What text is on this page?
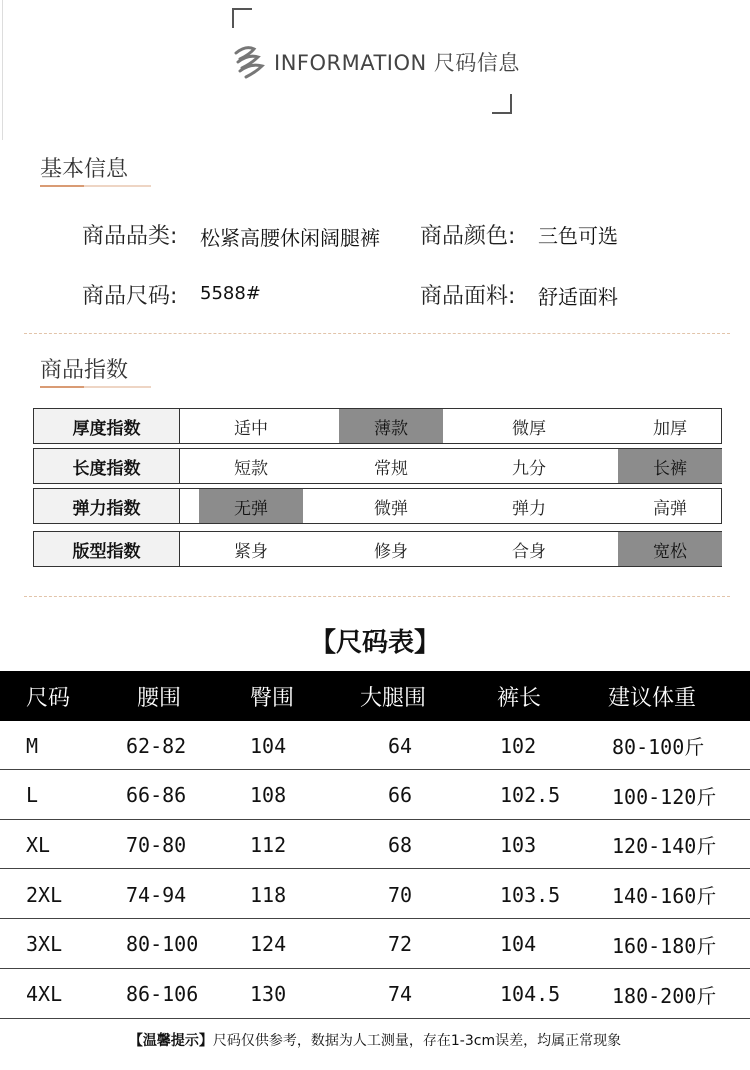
INFORMATION 尺码信息
基本信息
商品品类: 松紧高腰休闲阔腿裤 商品颜色: 三色可选
商品尺码: 5588#	商品面料: 舒适面料
商品指数
厚度指数	适中	薄款	微厚	加厚
长度指数	短款	常规	九分	长裤
弹力指数	无弹	微弹	弹力	高弹
版型指数	紧身	修身	合身	宽松
【尺码表】
尺码	腰围	臀围	大腿围	裤长	建议体重
M	62-82	104	64	102	80-100斤
L	66-86	108	66	102.5	100-120斤
XL	70-80	112	68	103	120-140斤
2XL	74-94	118	70	103.5	140-160斤
3XL	80-100	124	72	104	160-180斤
4XL	86-106	130	74	104.5	180-200斤
【温馨提示】尺码仅供参考，数据为人工测量，存在1-3cm误差，均属正常现象
